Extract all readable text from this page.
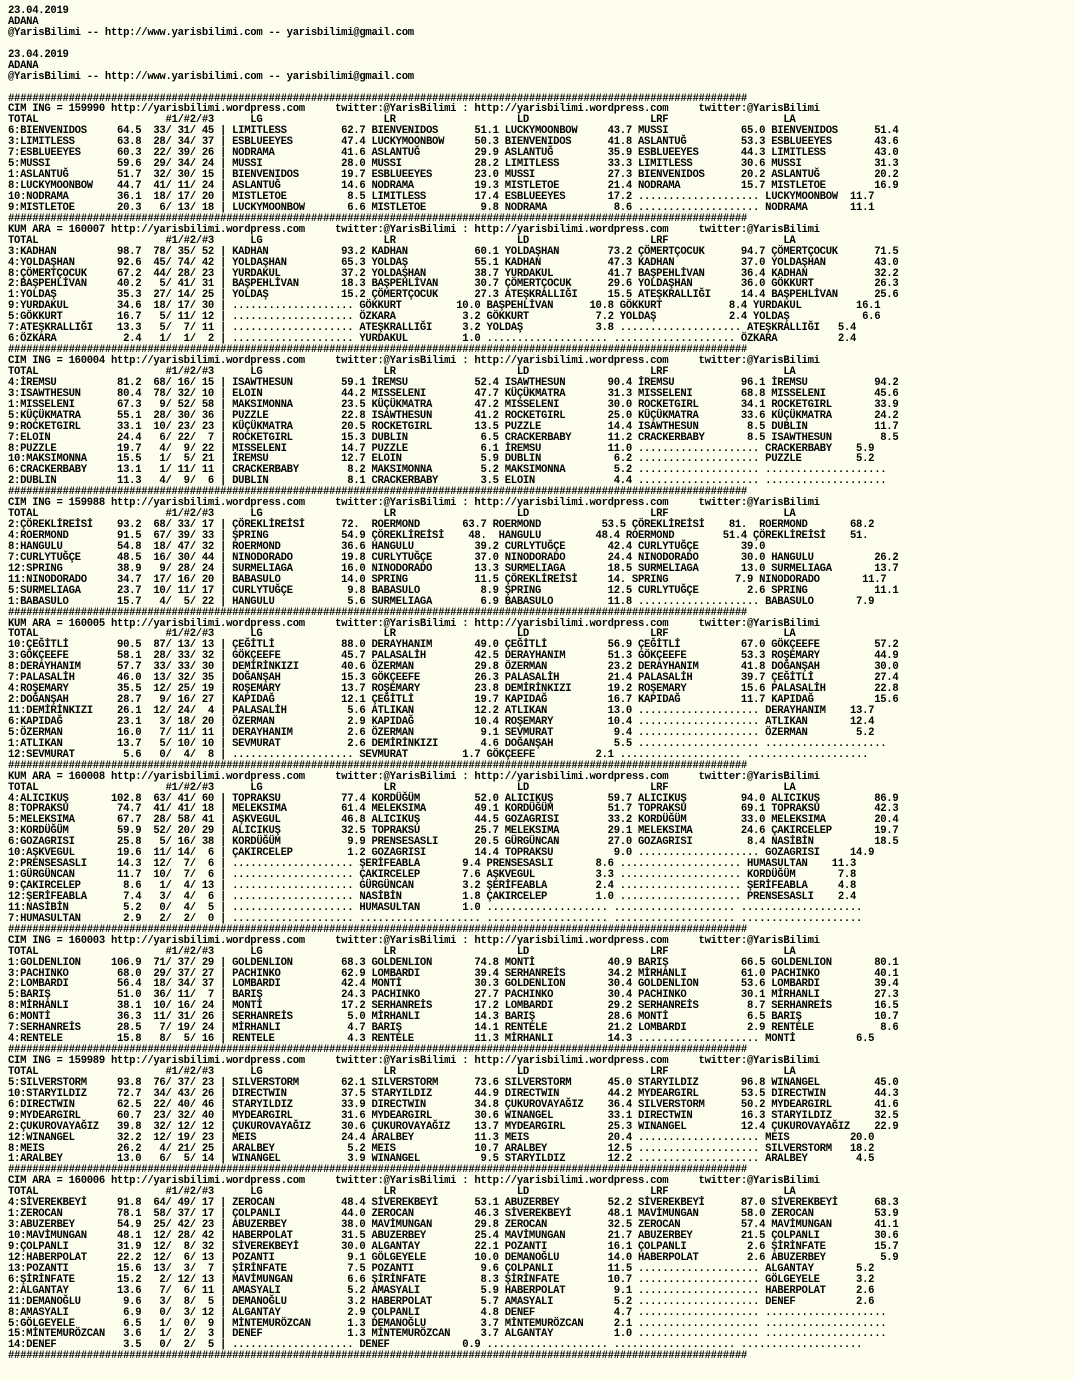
23.04.2019
ADANA
@YarisBilimi -- http://www.yarisbilimi.com -- yarisbilimi@gmail.com
23.04.2019
ADANA
@YarisBilimi -- http://www.yarisbilimi.com -- yarisbilimi@gmail.com
##########################################################################################################################
CIM ING = 159990 http://yarisbilimi.wordpress.com     twitter:@YarisBilimi : http://yarisbilimi.wordpress.com     twitter:@YarisBilimi
TOTAL                     #1/#2/#3      LG                    LR                    LD                    LRF                   LA
6:BIENVENIDOS     64.5  33/ 31/ 45 | LIMITLESS         62.7 BIENVENIDOS      51.1 LUCKYMOONBOW     43.7 MUSSI            65.0 BIENVENIDOS      51.4
3:LIMITLESS       63.8  28/ 34/ 37 | ESBLUEEYES        47.4 LUCKYMOONBOW     50.3 BIENVENIDOS      41.8 ASLANTUĞ         53.3 ESBLUEEYES       43.6
7:ESBLUEEYES      60.3  22/ 39/ 26 | NODRAMA           41.6 ASLANTUĞ         29.9 ASLANTUĞ         35.9 ESBLUEEYES       44.3 LIMITLESS        43.0
5:MUSSI           59.6  29/ 34/ 24 | MUSSI             28.0 MUSSI            28.2 LIMITLESS        33.3 LIMITLESS        30.6 MUSSI            31.3
1:ASLANTUĞ        51.7  32/ 30/ 15 | BIENVENIDOS       19.7 ESBLUEEYES       23.0 MUSSI            27.3 BIENVENIDOS      20.2 ASLANTUĞ         20.2
8:LUCKYMOONBOW    44.7  41/ 11/ 24 | ASLANTUĞ          14.6 NODRAMA          19.3 MISTLETOE        21.4 NODRAMA          15.7 MISTLETOE        16.9
10:NODRAMA        36.1  18/ 17/ 20 | MISTLETOE          8.5 LIMITLESS        17.4 ESBLUEEYES       17.2 .................... LUCKYMOONBOW  11.7
9:MISTLETOE       20.3   6/ 13/ 18 | LUCKYMOONBOW       6.6 MISTLETOE         9.8 NODRAMA           8.6 .................... NODRAMA       11.1
##########################################################################################################################
KUM ARA = 160007 http://yarisbilimi.wordpress.com     twitter:@YarisBilimi : http://yarisbilimi.wordpress.com     twitter:@YarisBilimi
TOTAL                     #1/#2/#3      LG                    LR                    LD                    LRF                   LA
3:KADHAN          98.7  78/ 35/ 52 | KADHAN            93.2 KADHAN           60.1 YOLDAŞHAN        73.2 ÇÖMERTÇOCUK      94.7 ÇÖMERTÇOCUK      71.5
4:YOLDAŞHAN       92.6  45/ 74/ 42 | YOLDAŞHAN         65.3 YOLDAŞ           55.1 KADHAN           47.3 KADHAN           37.0 YOLDAŞHAN        43.0
8:ÇÖMERTÇOCUK     67.2  44/ 28/ 23 | YURDAKUL          37.2 YOLDAŞHAN        38.7 YURDAKUL         41.7 BAŞPEHLİVAN      36.4 KADHAN           32.2
2:BAŞPEHLİVAN     40.2   5/ 41/ 31 | BAŞPEHLİVAN       18.3 BAŞPEHLİVAN      30.7 ÇÖMERTÇOCUK      29.6 YOLDAŞHAN        36.0 GÖKKURT          26.3
1:YOLDAŞ          35.3  27/ 14/ 25 | YOLDAŞ            15.2 ÇÖMERTÇOCUK      27.3 ATEŞKRALLIĞI     15.5 ATEŞKRALLIĞI     14.4 BAŞPEHLİVAN      25.6
9:YURDAKUL        34.6  18/ 17/ 30 | .................... GÖKKURT         10.0 BAŞPEHLİVAN      10.8 GÖKKURT           8.4 YURDAKUL         16.1
5:GÖKKURT         16.7   5/ 11/ 12 | .................... ÖZKARA           3.2 GÖKKURT           7.2 YOLDAŞ            2.4 YOLDAŞ            6.6
7:ATEŞKRALLIĞI    13.3   5/  7/ 11 | .................... ATEŞKRALLIĞI     3.2 YOLDAŞ            3.8 .................... ATEŞKRALLIĞI   5.4
6:ÖZKARA           2.4   1/  1/  2 | .................... YURDAKUL         1.0 .................... .................... ÖZKARA          2.4
##########################################################################################################################
CIM ING = 160004 http://yarisbilimi.wordpress.com     twitter:@YarisBilimi : http://yarisbilimi.wordpress.com     twitter:@YarisBilimi
TOTAL                     #1/#2/#3      LG                    LR                    LD                    LRF                   LA
4:İREMSU          81.2  68/ 16/ 15 | ISAWTHESUN        59.1 İREMSU           52.4 ISAWTHESUN       90.4 İREMSU           96.1 İREMSU           94.2
3:ISAWTHESUN      80.4  78/ 32/ 10 | ELOIN             44.2 MISSELENI        47.7 KÜÇÜKMATRA       31.3 MISSELENI        68.8 MISSELENI        45.6
1:MISSELENI       67.3   9/ 52/ 58 | MAKSIMONNA        23.5 KÜÇÜKMATRA       47.2 MISSELENI        30.0 ROCKETGIRL       34.1 ROCKETGIRL       33.9
5:KÜÇÜKMATRA      55.1  28/ 30/ 36 | PUZZLE            22.8 ISAWTHESUN       41.2 ROCKETGIRL       25.0 KÜÇÜKMATRA       33.6 KÜÇÜKMATRA       24.2
9:ROCKETGIRL      33.1  10/ 23/ 23 | KÜÇÜKMATRA        20.5 ROCKETGIRL       13.5 PUZZLE           14.4 ISAWTHESUN        8.5 DUBLIN           11.7
7:ELOIN           24.4   6/ 22/  7 | ROCKETGIRL        15.3 DUBLIN            6.5 CRACKERBABY      11.2 CRACKERBABY       8.5 ISAWTHESUN        8.5
8:PUZZLE          19.7   4/  9/ 22 | MISSELENI         14.7 PUZZLE            6.1 İREMSU           11.0 .................... CRACKERBABY    5.9
10:MAKSIMONNA     15.5   1/  5/ 21 | İREMSU            12.7 ELOIN             5.9 DUBLIN            6.2 .................... PUZZLE         5.2
6:CRACKERBABY     13.1   1/ 11/ 11 | CRACKERBABY        8.2 MAKSIMONNA        5.2 MAKSIMONNA        5.2 .................... ....................
2:DUBLIN          11.3   4/  9/  6 | DUBLIN             8.1 CRACKERBABY       3.5 ELOIN             4.4 .................... ....................
##########################################################################################################################
CIM ING = 159988 http://yarisbilimi.wordpress.com     twitter:@YarisBilimi : http://yarisbilimi.wordpress.com     twitter:@YarisBilimi
TOTAL                     #1/#2/#3      LG                    LR                    LD                    LRF                   LA
2:ÇÖREKLİREİSİ    93.2  68/ 33/ 17 | ÇÖREKLİREİSİ      72.  ROERMOND       63.7 ROERMOND          53.5 ÇÖREKLİREİSİ    81.  ROERMOND       68.2
4:ROERMOND        91.5  67/ 39/ 33 | ŞPRING            54.9 ÇÖREKLİREİSİ    48.  HANGULU         48.4 ROERMOND        51.4 ÇÖREKLİREİSİ    51.
8:HANGULU         54.8  18/ 47/ 32 | ROERMOND          36.6 HANGULU          39.2 CURLYTUĞÇE       42.4 CURLYTUĞÇE       39.0
7:CURLYTUĞÇE      48.5  16/ 30/ 44 | NINODORADO        19.8 CURLYTUĞÇE       37.0 NINODORADO       24.4 NINODORADO       30.0 HANGULU          26.2
12:SPRING         38.9   9/ 28/ 24 | SURMELIAGA        16.0 NINODORADO       13.3 SURMELIAGA       18.5 SURMELIAGA       13.0 SURMELIAGA       13.7
11:NINODORADO     34.7  17/ 16/ 20 | BABASULO          14.0 SPRING           11.5 ÇÖREKLİREİSİ     14. SPRING           7.9 NINODORADO       11.7
5:SURMELIAGA      23.7  10/ 11/ 17 | CURLYTUĞÇE         9.8 BABASULO          8.9 ŞPRING           12.5 CURLYTUĞÇE        2.6 SPRING           11.1
1:BABASULO        15.7   4/  5/ 22 | HANGULU            5.6 SURMELIAGA        6.9 BABASULO         11.8 .................... BABASULO       7.9
##########################################################################################################################
KUM ARA = 160005 http://yarisbilimi.wordpress.com     twitter:@YarisBilimi : http://yarisbilimi.wordpress.com     twitter:@YarisBilimi
TOTAL                     #1/#2/#3      LG                    LR                    LD                    LRF                   LA
10:ÇEĞİTLİ        90.5  87/ 13/ 13 | ÇEĞİTLİ           88.0 DERAYHANIM       49.0 ÇEĞİTLİ          56.9 ÇEĞİTLİ          67.0 GÖKÇEEFE         57.2
3:GÖKÇEEFE        58.1  28/ 33/ 32 | GÖKÇEEFE          45.7 PALASALİH        42.5 DERAYHANIM       51.3 GÖKÇEEFE         53.3 ROŞEMARY         44.9
8:DERAYHANIM      57.7  33/ 33/ 30 | DEMİRİNKIZI       40.6 ÖZERMAN          29.8 ÖZERMAN          23.2 DERAYHANIM       41.8 DOĞANŞAH         30.0
7:PALASALİH       46.0  13/ 32/ 35 | DOĞANŞAH          15.3 GÖKÇEEFE         26.3 PALASALİH        21.4 PALASALİH        39.7 ÇEĞİTLİ          27.4
4:ROŞEMARY        35.5  12/ 25/ 19 | ROŞEMARY          13.7 ROŞEMARY         23.8 DEMİRİNKIZI      19.2 ROŞEMARY         15.6 PALASALİH        22.8
2:DOĞANŞAH        28.7   9/ 16/ 27 | KAPIDAĞ           12.1 ÇEĞİTLİ          19.7 KAPIDAĞ          16.7 KAPIDAĞ          11.7 KAPIDAĞ          15.6
11:DEMİRİNKIZI    26.1  12/ 24/  4 | PALASALİH          5.6 ATLIKAN          12.2 ATLIKAN          13.0 .................... DERAYHANIM    13.7
6:KAPIDAĞ         23.1   3/ 18/ 20 | ÖZERMAN            2.9 KAPIDAĞ          10.4 ROŞEMARY         10.4 .................... ATLIKAN       12.4
5:ÖZERMAN         16.0   7/ 11/ 11 | DERAYHANIM         2.6 ÖZERMAN           9.1 SEVMURAT          9.4 .................... ÖZERMAN        5.2
1:ATLIKAN         13.7   5/ 10/ 10 | SEVMURAT           2.6 DEMİRİNKIZI       4.6 DOĞANŞAH          5.5 .................... ....................
12:SEVMURAT        5.6   0/  4/  8 | .................... SEVMURAT         1.7 GÖKÇEEFE          2.1 .................... ....................
##########################################################################################################################
KUM ARA = 160008 http://yarisbilimi.wordpress.com     twitter:@YarisBilimi : http://yarisbilimi.wordpress.com     twitter:@YarisBilimi
TOTAL                     #1/#2/#3      LG                    LR                    LD                    LRF                   LA
4:ALICIKUŞ       102.8  63/ 41/ 60 | TOPRAKSU          77.4 KORDÜĞÜM         52.0 ALICIKUŞ         59.7 ALICIKUŞ         94.0 ALICIKUŞ         86.9
8:TOPRAKSU        74.7  41/ 41/ 18 | MELEKSIMA         61.4 MELEKSIMA        49.1 KORDÜĞÜM         51.7 TOPRAKSU         69.1 TOPRAKSU         42.3
5:MELEKSIMA       67.7  28/ 58/ 41 | AŞKVEGUL          46.8 ALICIKUŞ         44.5 GOZAGRISI        33.2 KORDÜĞÜM         33.0 MELEKSIMA        20.4
3:KORDÜĞÜM        59.9  52/ 20/ 29 | ALICIKUŞ          32.5 TOPRAKSU         25.7 MELEKSIMA        29.1 MELEKSIMA        24.6 ÇAKIRCELEP       19.7
6:GOZAGRISI       25.8   5/ 16/ 38 | KORDÜĞÜM           9.9 PRENSESASLI      20.5 GÜRGÜNCAN        27.0 GOZAGRISI         8.4 NASİBİN          18.5
10:AŞKVEGUL       19.6  11/ 14/  6 | ÇAKIRCELEP         1.2 GOZAGRISI        14.4 TOPRAKSU          9.0 .................... GOZAGRISI     14.9
2:PRENSESASLI     14.3  12/  7/  6 | .................... ŞERİFEABLA       9.4 PRENSESASLI       8.6 .................... HUMASULTAN    11.3
1:GÜRGÜNCAN       11.7  10/  7/  6 | .................... ÇAKIRCELEP       7.6 AŞKVEGUL          3.3 .................... KORDÜĞÜM       7.8
9:ÇAKIRCELEP       8.6   1/  4/ 13 | .................... GÜRGÜNCAN        3.2 ŞERİFEABLA        2.4 .................... ŞERİFEABLA     4.8
12:ŞERİFEABLA      7.4   3/  4/  6 | .................... NASİBİN          1.8 ÇAKIRCELEP        1.0 .................... PRENSESASLI    2.4
11:NASİBİN         5.2   0/  4/  5 | .................... HUMASULTAN       1.0 .................... .................... ....................
7:HUMASULTAN       2.9   2/  2/  0 | .................... .................... .................... .................... ....................
##########################################################################################################################
CIM ING = 160003 http://yarisbilimi.wordpress.com     twitter:@YarisBilimi : http://yarisbilimi.wordpress.com     twitter:@YarisBilimi
TOTAL                     #1/#2/#3      LG                    LR                    LD                    LRF                   LA
1:GOLDENLION     106.9  71/ 37/ 29 | GOLDENLION        68.3 GOLDENLION       74.8 MONTİ            40.9 BARIŞ            66.5 GOLDENLION       80.1
3:PACHINKO        68.0  29/ 37/ 27 | PACHINKO          62.9 LOMBARDI         39.4 SERHANREİS       34.2 MİRHANLI         61.0 PACHINKO         40.1
2:LOMBARDI        56.4  18/ 34/ 37 | LOMBARDI          42.4 MONTİ            30.3 GOLDENLION       30.4 GOLDENLION       53.6 LOMBARDI         39.4
5:BARIŞ           51.0  36/ 11/  7 | BARIŞ             24.3 PACHINKO         27.7 PACHINKO         30.4 PACHINKO         30.1 MİRHANLI         27.3
8:MİRHANLI        38.1  10/ 16/ 24 | MONTİ             17.2 SERHANREİS       17.2 LOMBARDI         29.2 SERHANREİS        8.7 SERHANREİS       16.5
6:MONTİ           36.3  11/ 31/ 26 | SERHANREİS         5.0 MİRHANLI         14.3 BARIŞ            28.6 MONTİ             6.5 BARIŞ            10.7
7:SERHANREİS      28.5   7/ 19/ 24 | MİRHANLI           4.7 BARIŞ            14.1 RENTELE          21.2 LOMBARDI          2.9 RENTELE           8.6
4:RENTELE         15.8   8/  5/ 16 | RENTELE            4.3 RENTELE          11.3 MİRHANLI         14.3 .................... MONTİ          6.5
##########################################################################################################################
CIM ING = 159989 http://yarisbilimi.wordpress.com     twitter:@YarisBilimi : http://yarisbilimi.wordpress.com     twitter:@YarisBilimi
TOTAL                     #1/#2/#3      LG                    LR                    LD                    LRF                   LA
5:SILVERSTORM     93.8  76/ 37/ 23 | SILVERSTORM       62.1 SILVERSTORM      73.6 SILVERSTORM      45.0 STARYILDIZ       96.8 WINANGEL         45.0
10:STARYILDIZ     72.7  34/ 43/ 26 | DIRECTWIN         37.5 STARYILDIZ       44.9 DIRECTWIN        44.2 MYDEARGIRL       53.5 DIRECTWIN        44.3
6:DIRECTWIN       62.5  22/ 40/ 46 | STARYILDIZ        33.9 DIRECTWIN        34.8 ÇUKUROVAYAĞIZ    36.4 SILVERSTORM      50.2 MYDEARGIRL       41.6
9:MYDEARGIRL      60.7  23/ 32/ 40 | MYDEARGIRL        31.6 MYDEARGIRL       30.6 WINANGEL         33.1 DIRECTWIN        16.3 STARYILDIZ       32.5
2:ÇUKUROVAYAĞIZ   39.8  32/ 12/ 12 | ÇUKUROVAYAĞIZ     30.6 ÇUKUROVAYAĞIZ    13.7 MYDEARGIRL       25.3 WINANGEL         12.4 ÇUKUROVAYAĞIZ    22.9
12:WINANGEL       32.2  12/ 19/ 23 | MEIS              24.4 ARALBEY          11.3 MEIS             20.4 .................... MEIS          20.0
8:MEIS            26.2   4/ 21/ 25 | ARALBEY            5.2 MEIS             10.7 ARALBEY          12.5 .................... SILVERSTORM   18.2
1:ARALBEY         13.0   6/  5/ 14 | WINANGEL           3.9 WINANGEL          9.5 STARYILDIZ       12.2 .................... ARALBEY        4.5
##########################################################################################################################
CIM ARA = 160006 http://yarisbilimi.wordpress.com     twitter:@YarisBilimi : http://yarisbilimi.wordpress.com     twitter:@YarisBilimi
TOTAL                     #1/#2/#3      LG                    LR                    LD                    LRF                   LA
4:SİVEREKBEYİ     91.8  64/ 49/ 17 | ZEROCAN           48.4 SİVEREKBEYİ      53.1 ABUZERBEY        52.2 SİVEREKBEYİ      87.0 SİVEREKBEYİ      68.3
1:ZEROCAN         78.1  58/ 37/ 17 | ÇOLPANLI          44.0 ZEROCAN          46.3 SİVEREKBEYİ      48.1 MAVİMUNGAN       58.0 ZEROCAN          53.9
3:ABUZERBEY       54.9  25/ 42/ 23 | ABUZERBEY         38.0 MAVİMUNGAN       29.8 ZEROCAN          32.5 ZEROCAN          57.4 MAVİMUNGAN       41.1
10:MAVİMUNGAN     48.1  12/ 28/ 42 | HABERPOLAT        31.5 ABUZERBEY        25.4 MAVİMUNGAN       21.7 ABUZERBEY        21.5 ÇOLPANLI         30.6
9:ÇOLPANLI        31.9  12/  8/ 32 | SİVEREKBEYİ       30.0 ALGANTAY         22.1 POZANTI          16.1 ÇOLPANLI          2.6 ŞİRİNFATE        15.7
12:HABERPOLAT     22.2  12/  6/ 13 | POZANTI            9.1 GÖLGEYELE        10.0 DEMANOĞLU        14.0 HABERPOLAT        2.6 ABUZERBEY         5.9
13:POZANTI        15.6  13/  3/  7 | ŞİRİNFATE          7.5 POZANTI           9.6 ÇOLPANLI         11.5 .................... ALGANTAY       5.2
6:ŞİRİNFATE       15.2   2/ 12/ 13 | MAVİMUNGAN         6.6 ŞİRİNFATE         8.3 ŞİRİNFATE        10.7 .................... GÖLGEYELE      3.2
2:ALGANTAY        13.6   7/  6/ 11 | AMASYALI           5.2 AMASYALI          5.9 HABERPOLAT        9.1 .................... HABERPOLAT     2.6
11:DEMANOĞLU       9.6   3/  8/  5 | DEMANOĞLU          3.2 HABERPOLAT        5.7 AMASYALI          5.2 .................... DENEF          2.6
8:AMASYALI         6.9   0/  3/ 12 | ALGANTAY           2.9 ÇOLPANLI          4.8 DENEF             4.7 .................... ....................
5:GÖLGEYELE        6.5   1/  0/  9 | MİNTEMURÖZCAN      1.3 DEMANOĞLU         3.7 MİNTEMURÖZCAN     2.1 .................... ....................
15:MİNTEMURÖZCAN   3.6   1/  2/  3 | DENEF              1.3 MİNTEMURÖZCAN     3.7 ALGANTAY          1.0 .................... ....................
14:DENEF           3.5   0/  2/  5 | .................... DENEF            0.9 .................... .................... ....................
##########################################################################################################################
